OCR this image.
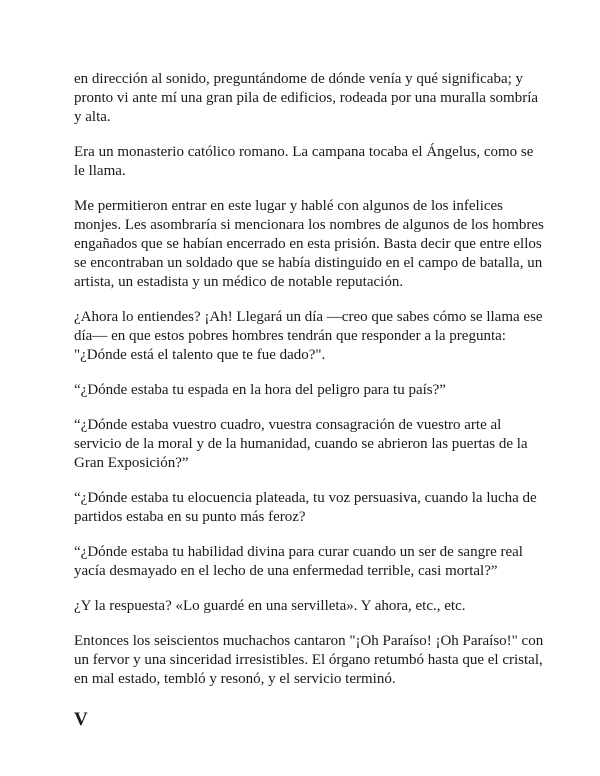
en dirección al sonido, preguntándome de dónde venía y qué significaba; y pronto vi ante mí una gran pila de edificios, rodeada por una muralla sombría y alta.

Era un monasterio católico romano. La campana tocaba el Ángelus, como se le llama.

Me permitieron entrar en este lugar y hablé con algunos de los infelices monjes. Les asombraría si mencionara los nombres de algunos de los hombres engañados que se habían encerrado en esta prisión. Basta decir que entre ellos se encontraban un soldado que se había distinguido en el campo de batalla, un artista, un estadista y un médico de notable reputación.

¿Ahora lo entiendes? ¡Ah! Llegará un día —creo que sabes cómo se llama ese día— en que estos pobres hombres tendrán que responder a la pregunta: "¿Dónde está el talento que te fue dado?".

“¿Dónde estaba tu espada en la hora del peligro para tu país?”

“¿Dónde estaba vuestro cuadro, vuestra consagración de vuestro arte al servicio de la moral y de la humanidad, cuando se abrieron las puertas de la Gran Exposición?”

“¿Dónde estaba tu elocuencia plateada, tu voz persuasiva, cuando la lucha de partidos estaba en su punto más feroz?

“¿Dónde estaba tu habilidad divina para curar cuando un ser de sangre real yacía desmayado en el lecho de una enfermedad terrible, casi mortal?”

¿Y la respuesta? «Lo guardé en una servilleta». Y ahora, etc., etc.

Entonces los seiscientos muchachos cantaron "¡Oh Paraíso! ¡Oh Paraíso!" con un fervor y una sinceridad irresistibles. El órgano retumbó hasta que el cristal, en mal estado, tembló y resonó, y el servicio terminó.

V
